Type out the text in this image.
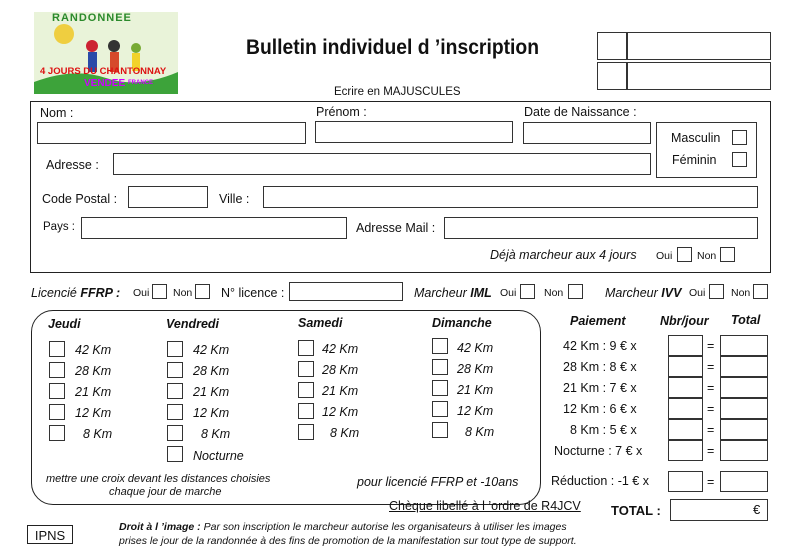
RANDONNEE
4 JOURS DU CHANTONNAY
VENDEE FRANCE
Bulletin individuel d ’inscription
Ecrire en MAJUSCULES
Nom :	Prénom :	Date de Naissance :
Masculin
Féminin
Adresse :
Code Postal :	Ville :
Pays :	Adresse Mail :
Déjà marcheur aux 4 jours Oui Non
Licencié FFRP : Oui Non N° licence :	Marcheur IML Oui	Non	Marcheur IVV Oui Non
Jeudi
42 Km
28 Km
21 Km
12 Km
8 Km
Vendredi
42 Km
28 Km
21 Km
12 Km
8 Km
Nocturne
Samedi
42 Km
28 Km
21 Km
12 Km
8 Km
Dimanche
42 Km
28 Km
21 Km
12 Km
8 Km
mettre une croix devant les distances choisies
chaque jour de marche
Paiement	Nbr/jour Total
42 Km : 9 € x	=
28 Km : 8 € x	=
21 Km : 7 € x	=
12 Km : 6 € x	=
8 Km : 5 € x	=
Nocturne : 7 € x	=
pour licencié FFRP et -10ans	Réduction : -1 € x	=
Chèque libellé à l ’ordre de R4JCV TOTAL :	€
IPNS
Droit à l ’image : Par son inscription le marcheur autorise les organisateurs à utiliser les images
prises le jour de la randonnée à des fins de promotion de la manifestation sur tout type de support.
